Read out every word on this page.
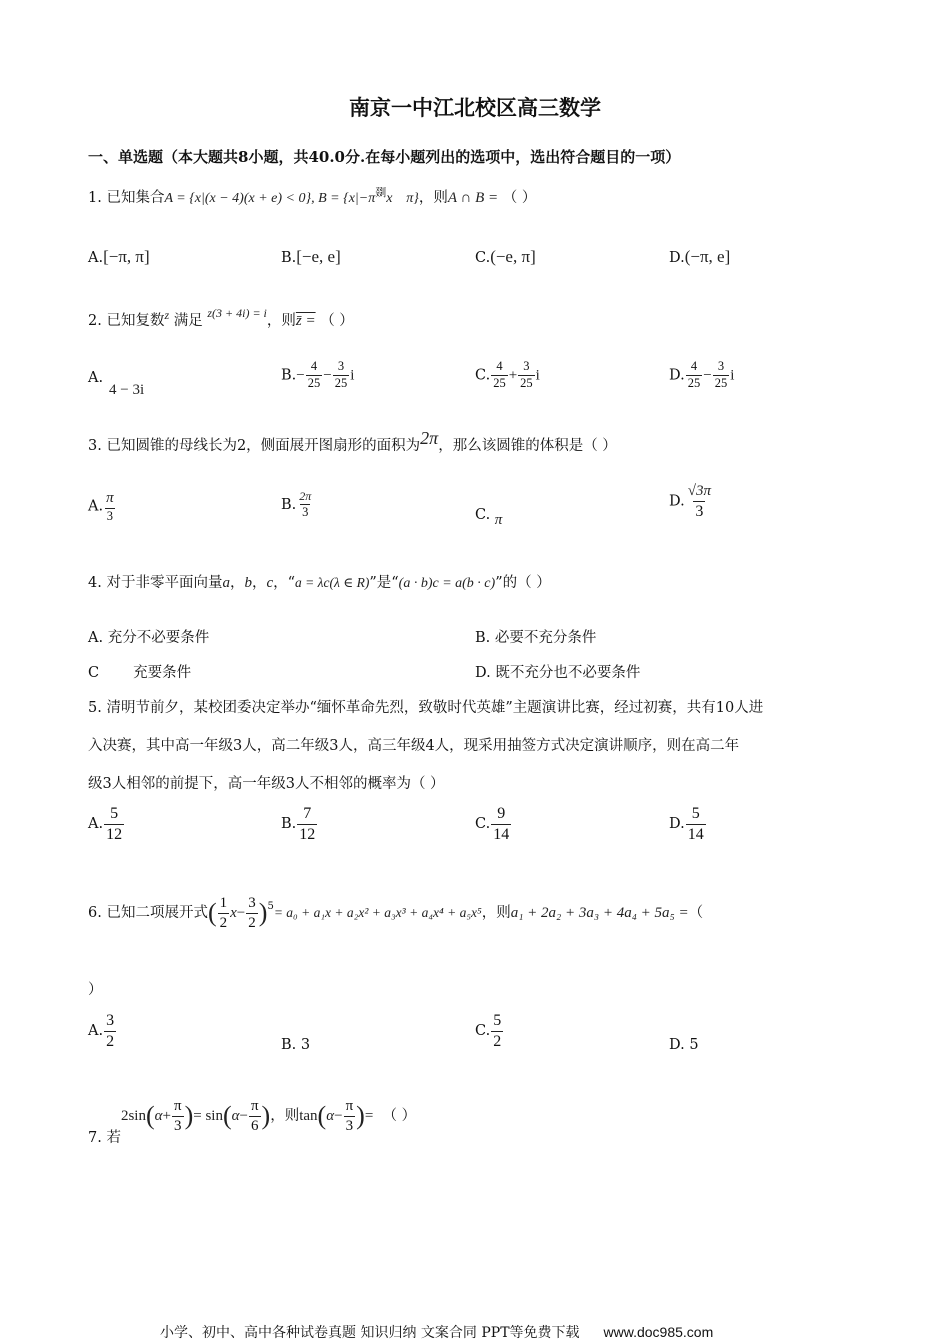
南京一中江北校区高三数学
一、单选题（本大题共8小题，共40.0分.在每小题列出的选项中，选出符合题目的一项）
1. 已知集合A = {x|(x − 4)(x + e) < 0}, $B = \{x|-\pi^剟x$ π}，则A ∩ B = （ ）
A.[−π, π]	B.[−e, e]	C.(−e, π]	D.(−π, e]
2. 已知复数$^z$ 满足 $^{z(3 + 4i) = i}$，则z̄ = （ ）
A.
4 − 3i
$B.- \frac{4}{25} - \frac{3}{25}$ i	C. $\frac{4}{25} + \frac{3}{25}$ i	D. $\frac{4}{25} - \frac{3}{25}$ i
3. 已知圆锥的母线长为2，侧面展开图扇形的面积为2π，那么该圆锥的体积是（ ）
A. $\frac{\pi}{3}$	B. $\frac{2\pi}{3}$	C. π
D. $\frac{√3\pi}{3}$
4. 对于非零平面向量a，b，c，“a = λc(λ ∈ R)”是“(a · b)c = a(b · c)”的（ ）
A. 充分不必要条件	B. 必要不充分条件
C 充要条件	D. 既不充分也不必要条件
5. 清明节前夕，某校团委决定举办“缅怀革命先烈，致敬时代英雄”主题演讲比赛，经过初赛，共有10人进
入决赛，其中高一年级3人，高二年级3人，高三年级4人，现采用抽签方式决定演讲顺序，则在高二年
级3人相邻的前提下，高一年级3人不相邻的概率为（ ）
A. $\frac{5}{12}$	B. $\frac{7}{12}$	C. $\frac{9}{14}$	D. $\frac{5}{14}$
6. 已知二项展开式( $\frac{1}{2} x- \frac{3}{2} )^5= a_0 + a_1x + a_2x^2 + a_3x^3 + a_4x^4 + a_5x^5$，则a₁ + 2a₂ + 3a₃ + 4a₄ + 5a₅ =（
）
A. $\frac{3}{2}$	B. 3
C. $\frac{5}{2}$	D. 5
7. 若$2\sin(\alpha+ \frac{\pi}{3}$ )= $\sin(\alpha- \frac{\pi}{6}$ )，则$\tan(\alpha- \frac{\pi}{3}$ )= （ ）
小学、初中、高中各种试卷真题 知识归纳 文案合同 PPT等免费下载 www.doc985.com
